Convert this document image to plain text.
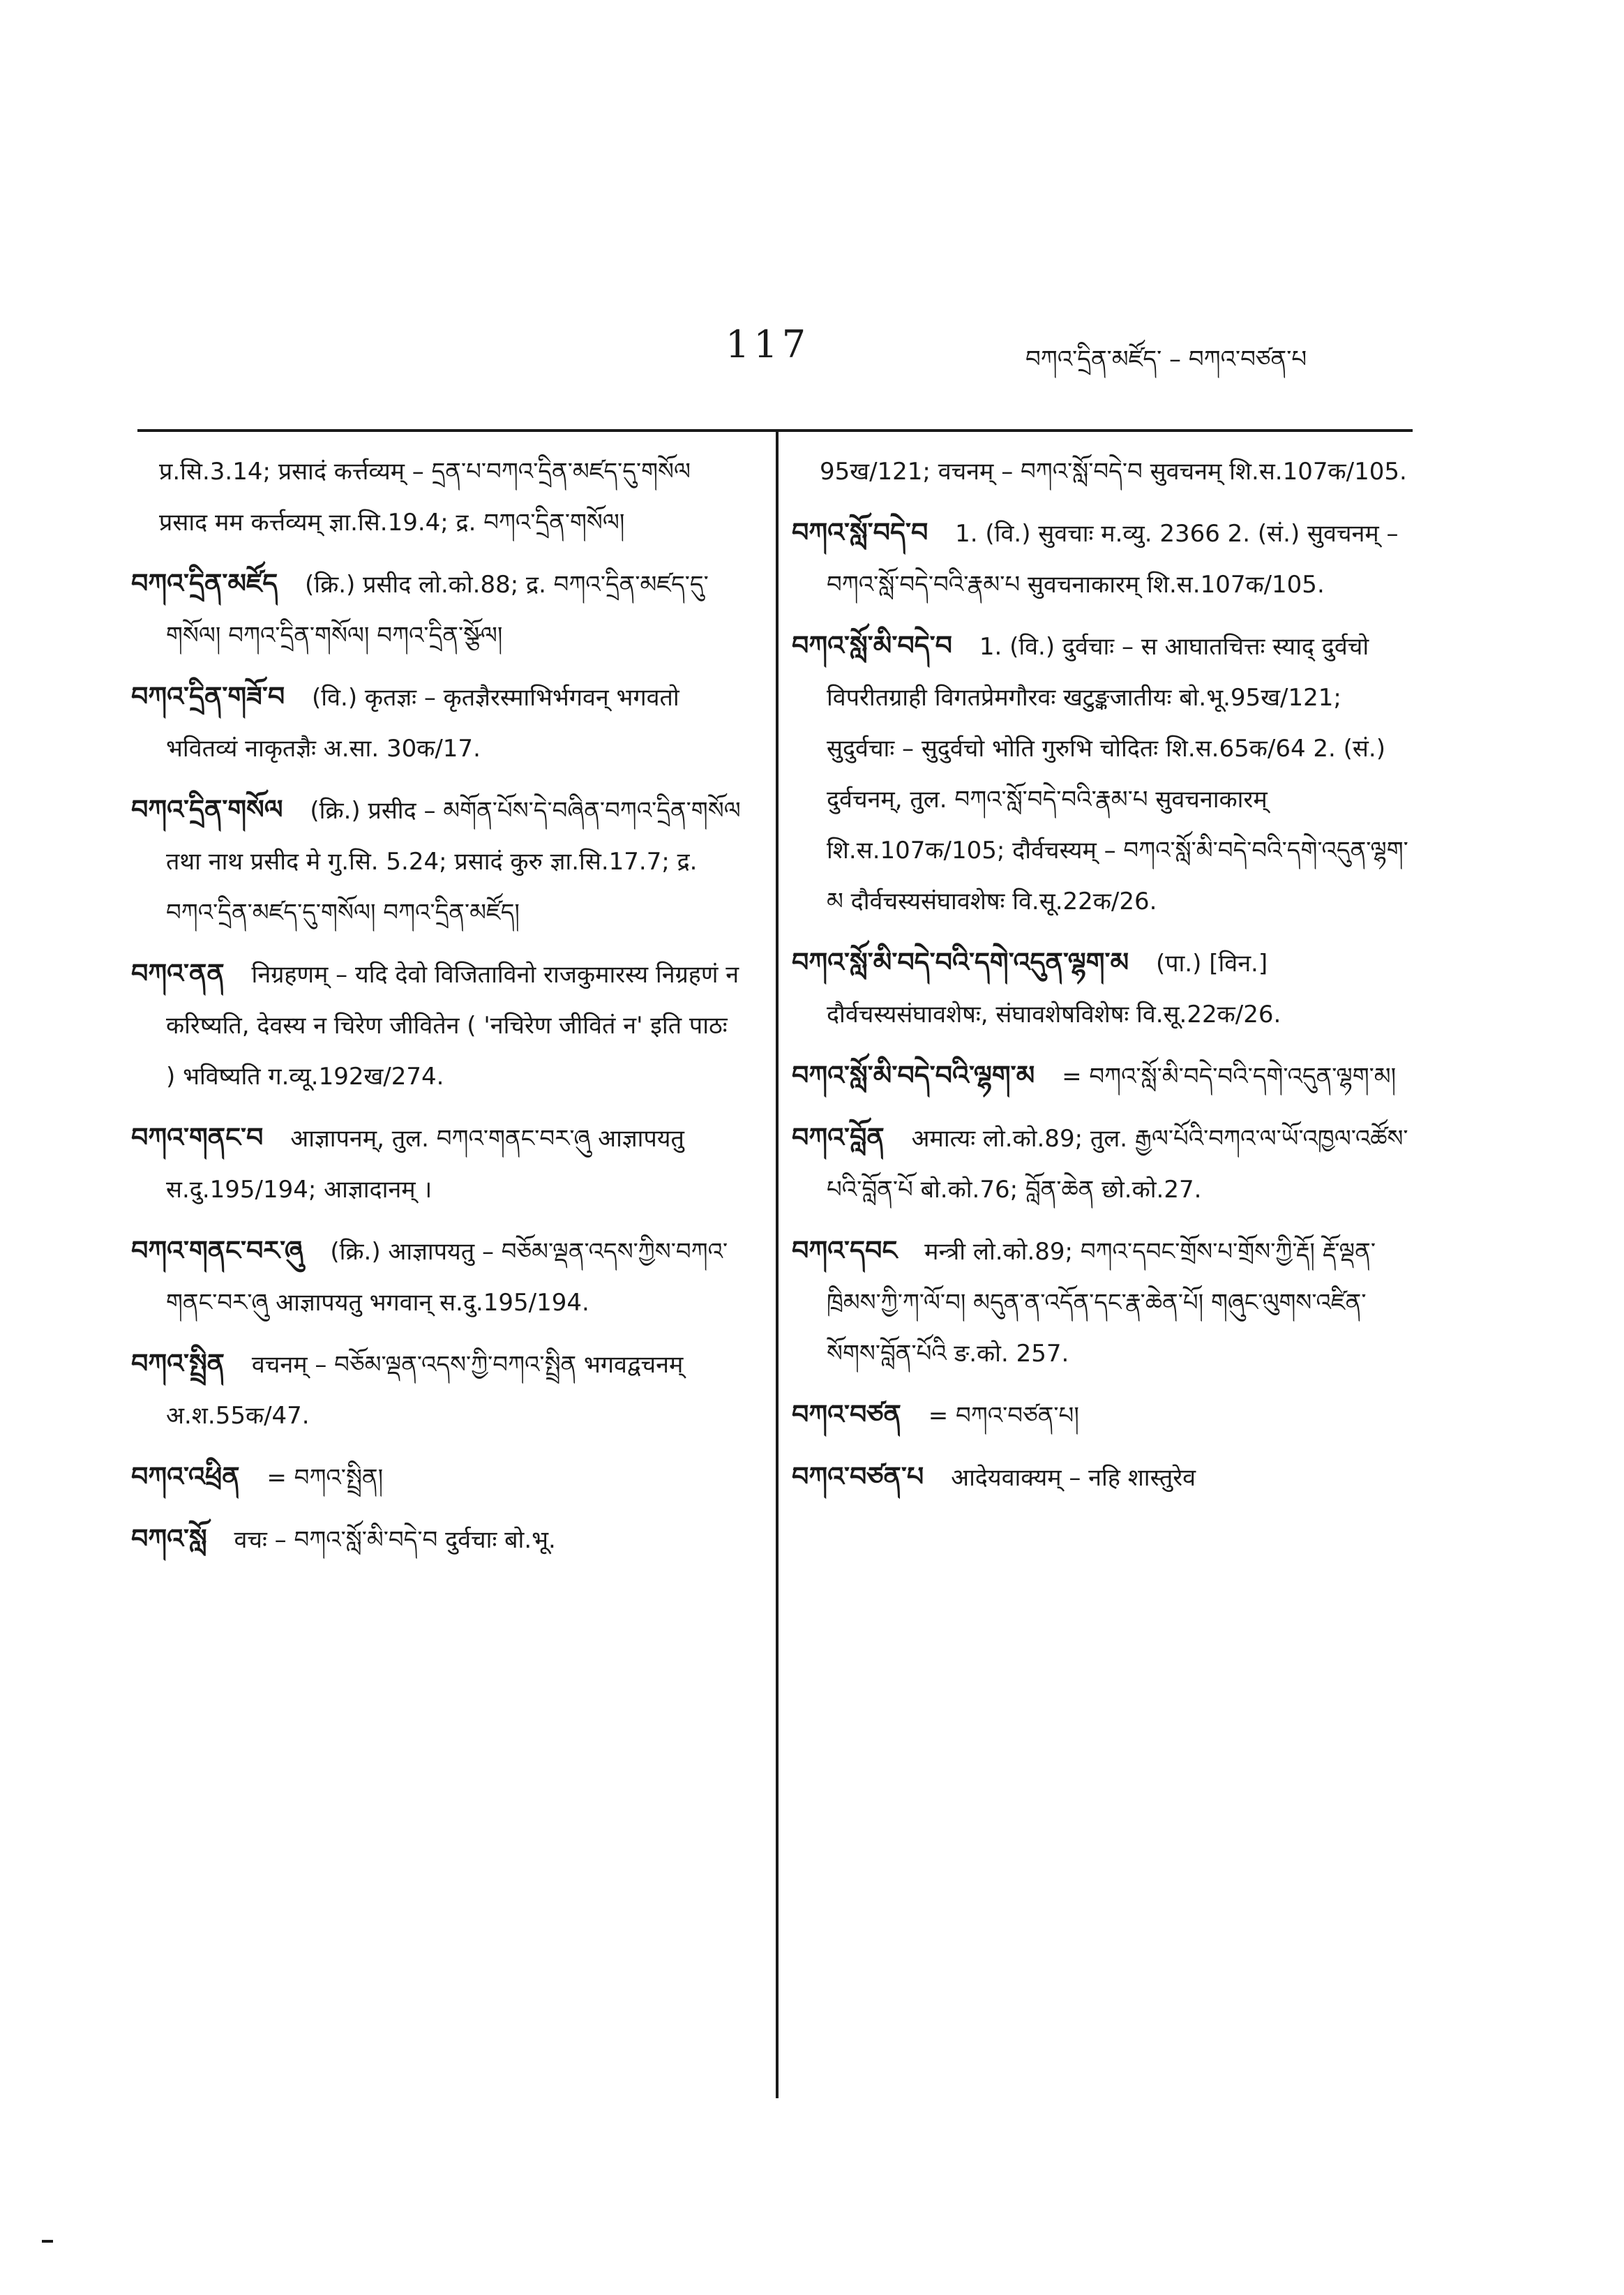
117	བཀའ་དྲིན་མཛོད་ – བཀའ་བཙན་པ

प्र.सि.3.14; प्रसादं कर्त्तव्यम् – དྲན་པ་བཀའ་དྲིན་མཛད་དུ་གསོལ प्रसाद मम कर्त्तव्यम् ज्ञा.सि.19.4; द्र. བཀའ་དྲིན་གསོལ།

བཀའ་དྲིན་མཛོད (क्रि.) प्रसीद लो.को.88; द्र. བཀའ་དྲིན་མཛད་དུ་གསོལ། བཀའ་དྲིན་གསོལ། བཀའ་དྲིན་སྩོལ།

བཀའ་དྲིན་གཟོ་བ (वि.) कृतज्ञः – कृतज्ञैरस्माभिर्भगवन् भगवतो भवितव्यं नाकृतज्ञैः अ.सा. 30क/17.

བཀའ་དྲིན་གསོལ (क्रि.) प्रसीद – མགོན་པོས་དེ་བཞིན་བཀའ་དྲིན་གསོལ तथा नाथ प्रसीद मे गु.सि. 5.24; प्रसादं कुरु ज्ञा.सि.17.7; द्र. བཀའ་དྲིན་མཛད་དུ་གསོལ། བཀའ་དྲིན་མཛོད།

བཀའ་ནན निग्रहणम् – यदि देवो विजिताविनो राजकुमारस्य निग्रहणं न करिष्यति, देवस्य न चिरेण जीवितेन ( 'नचिरेण जीवितं न' इति पाठः ) भविष्यति ग.व्यू.192ख/274.

བཀའ་གནང་བ आज्ञापनम्, तुल. བཀའ་གནང་བར་ཞུ आज्ञापयतु स.दु.195/194; आज्ञादानम् ।

བཀའ་གནང་བར་ཞུ (क्रि.) आज्ञापयतु – བཅོམ་ལྡན་འདས་ཀྱིས་བཀའ་གནང་བར་ཞུ आज्ञापयतु भगवान् स.दु.195/194.

བཀའ་སྤྲིན वचनम् – བཅོམ་ལྡན་འདས་ཀྱི་བཀའ་སྤྲིན भगवद्वचनम् अ.श.55क/47.

བཀའ་འཕྲིན = བཀའ་སྤྲིན།

བཀའ་སློ वचः – བཀའ་སློ་མི་བདེ་བ दुर्वचाः बो.भू.

95ख/121; वचनम् – བཀའ་སློ་བདེ་བ सुवचनम् शि.स.107क/105.

བཀའ་སློ་བདེ་བ 1. (वि.) सुवचाः म.व्यु. 2366 2. (सं.) सुवचनम् – བཀའ་སློ་བདེ་བའི་རྣམ་པ सुवचनाकारम् शि.स.107क/105.

བཀའ་སློ་མི་བདེ་བ 1. (वि.) दुर्वचाः – स आघातचित्तः स्याद् दुर्वचो विपरीतग्राही विगतप्रेमगौरवः खटुङ्कजातीयः बो.भू.95ख/121; सुदुर्वचाः – सुदुर्वचो भोति गुरुभि चोदितः शि.स.65क/64 2. (सं.) दुर्वचनम्, तुल. བཀའ་སློ་བདེ་བའི་རྣམ་པ सुवचनाकारम् शि.स.107क/105; दौर्वचस्यम् – བཀའ་སློ་མི་བདེ་བའི་དགེ་འདུན་ལྷག་མ दौर्वचस्यसंघावशेषः वि.सू.22क/26.

བཀའ་སློ་མི་བདེ་བའི་དགེ་འདུན་ལྷག་མ (पा.) [विन.] दौर्वचस्यसंघावशेषः, संघावशेषविशेषः वि.सू.22क/26.

བཀའ་སློ་མི་བདེ་བའི་ལྷག་མ = བཀའ་སློ་མི་བདེ་བའི་དགེ་འདུན་ལྷག་མ།

བཀའ་བློན अमात्यः लो.को.89; तुल. རྒྱལ་པོའི་བཀའ་ལ་ཡོ་འཁྱལ་འཚོས་པའི་བློན་པོ बो.को.76; བློན་ཆེན छो.को.27.

བཀའ་དབང मन्त्री लो.को.89; བཀའ་དབང་གྲོས་པ་གྲོས་ཀྱི་རྡོ། རྡོ་ལྡན་ཁྲིམས་ཀྱི་ཀ་ལོ་བ། མདུན་ན་འདོན་དང་རྣ་ཆེན་པོ། གཞུང་ལུགས་འཛིན་སོགས་བློན་པོའི ङ.को. 257.

བཀའ་བཙན = བཀའ་བཙན་པ།

བཀའ་བཙན་པ आदेयवाक्यम् – नहि शास्तुरेव
